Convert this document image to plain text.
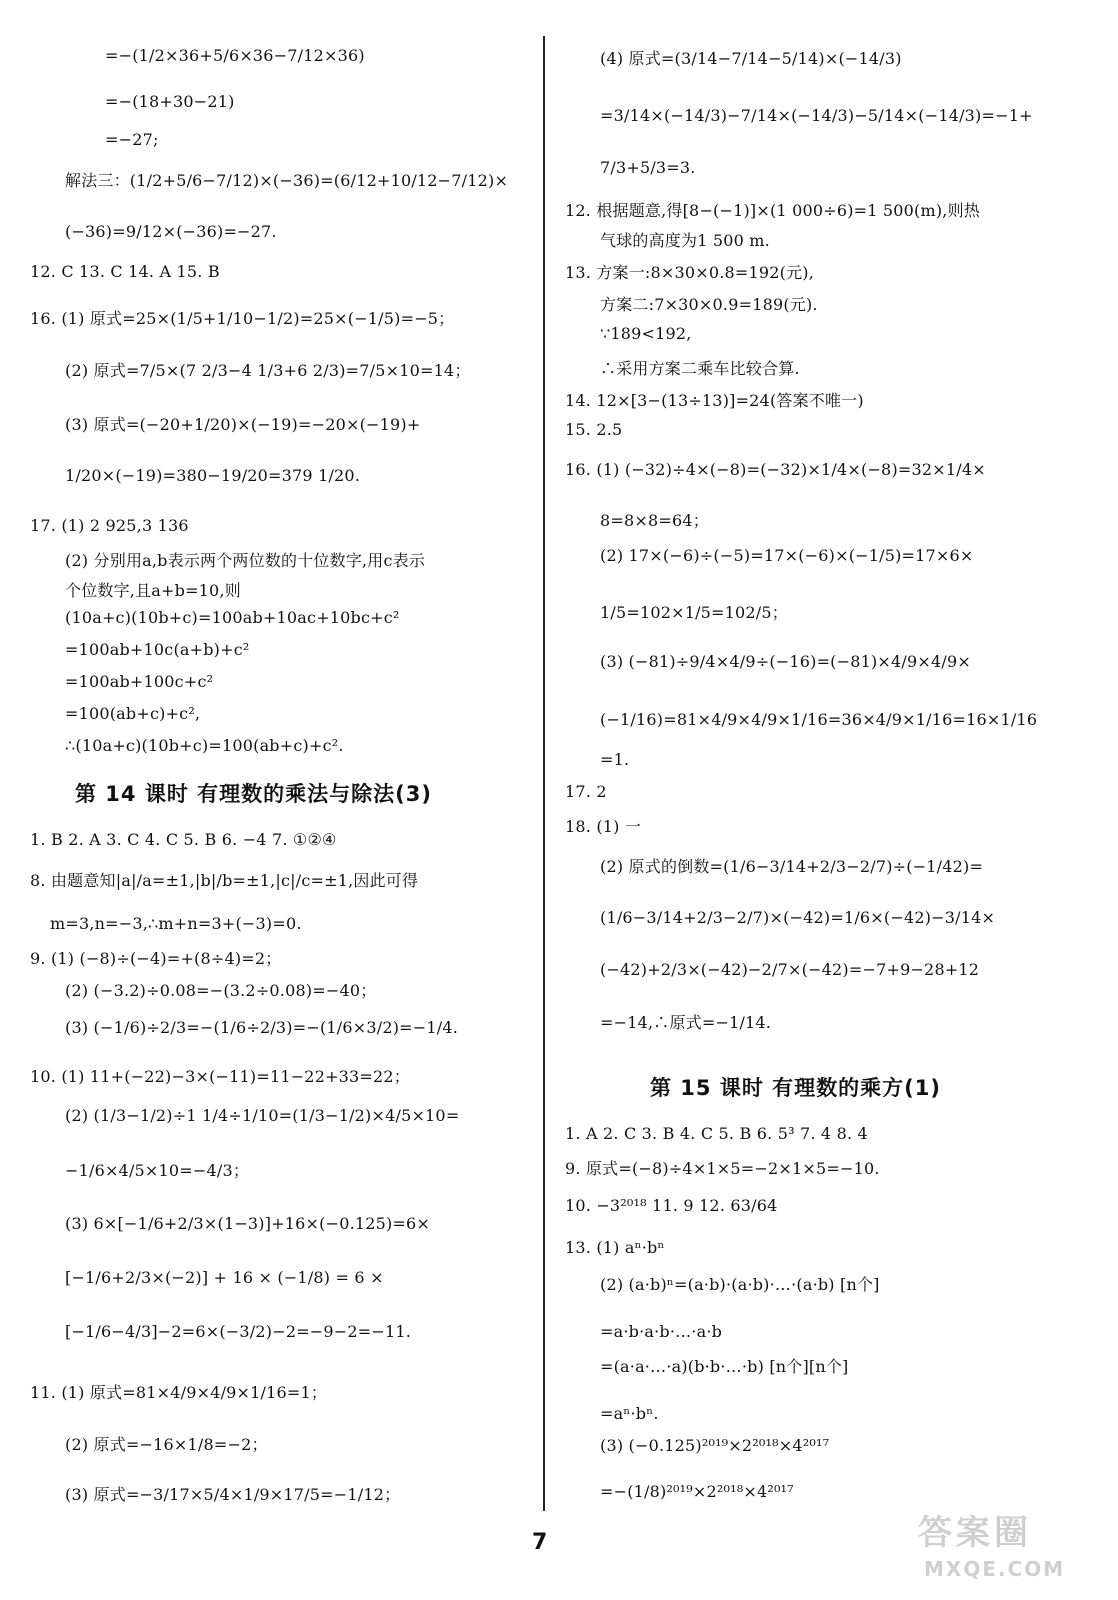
=−(1/2×36+5/6×36−7/12×36)
=−(18+30−21)
=−27;
解法三：(1/2+5/6−7/12)×(−36)=(6/12+10/12−7/12)×
(−36)=9/12×(−36)=−27.
12. C 13. C 14. A 15. B
16. (1) 原式=25×(1/5+1/10−1/2)=25×(−1/5)=−5；
(2) 原式=7/5×(7 2/3−4 1/3+6 2/3)=7/5×10=14；
(3) 原式=(−20+1/20)×(−19)=−20×(−19)+
1/20×(−19)=380−19/20=379 1/20.
17. (1) 2 925,3 136
(2) 分别用a,b表示两个两位数的十位数字,用c表示
个位数字,且a+b=10,则
(10a+c)(10b+c)=100ab+10ac+10bc+c²
=100ab+10c(a+b)+c²
=100ab+100c+c²
=100(ab+c)+c²,
∴(10a+c)(10b+c)=100(ab+c)+c².
第 14 课时 有理数的乘法与除法(3)
1. B 2. A 3. C 4. C 5. B 6. −4 7. ①②④
8. 由题意知|a|/a=±1,|b|/b=±1,|c|/c=±1,因此可得
m=3,n=−3,∴m+n=3+(−3)=0.
9. (1) (−8)÷(−4)=+(8÷4)=2；
(2) (−3.2)÷0.08=−(3.2÷0.08)=−40；
(3) (−1/6)÷2/3=−(1/6÷2/3)=−(1/6×3/2)=−1/4.
10. (1) 11+(−22)−3×(−11)=11−22+33=22；
(2) (1/3−1/2)÷1 1/4÷1/10=(1/3−1/2)×4/5×10=
−1/6×4/5×10=−4/3；
(3) 6×[−1/6+2/3×(1−3)]+16×(−0.125)=6×
[−1/6+2/3×(−2)] + 16 × (−1/8) = 6 ×
[−1/6−4/3]−2=6×(−3/2)−2=−9−2=−11.
11. (1) 原式=81×4/9×4/9×1/16=1；
(2) 原式=−16×1/8=−2；
(3) 原式=−3/17×5/4×1/9×17/5=−1/12；
(4) 原式=(3/14−7/14−5/14)×(−14/3)
=3/14×(−14/3)−7/14×(−14/3)−5/14×(−14/3)=−1+
7/3+5/3=3.
12. 根据题意,得[8−(−1)]×(1 000÷6)=1 500(m),则热
气球的高度为1 500 m.
13. 方案一:8×30×0.8=192(元),
方案二:7×30×0.9=189(元).
∵189<192,
∴采用方案二乘车比较合算.
14. 12×[3−(13÷13)]=24(答案不唯一)
15. 2.5
16. (1) (−32)÷4×(−8)=(−32)×1/4×(−8)=32×1/4×
8=8×8=64；
(2) 17×(−6)÷(−5)=17×(−6)×(−1/5)=17×6×
1/5=102×1/5=102/5；
(3) (−81)÷9/4×4/9÷(−16)=(−81)×4/9×4/9×
(−1/16)=81×4/9×4/9×1/16=36×4/9×1/16=16×1/16
=1.
17. 2
18. (1) 一
(2) 原式的倒数=(1/6−3/14+2/3−2/7)÷(−1/42)=
(1/6−3/14+2/3−2/7)×(−42)=1/6×(−42)−3/14×
(−42)+2/3×(−42)−2/7×(−42)=−7+9−28+12
=−14,∴原式=−1/14.
第 15 课时 有理数的乘方(1)
1. A 2. C 3. B 4. C 5. B 6. 5³ 7. 4 8. 4
9. 原式=(−8)÷4×1×5=−2×1×5=−10.
10. −3²⁰¹⁸ 11. 9 12. 63/64
13. (1) aⁿ·bⁿ
(2) (a·b)ⁿ=(a·b)·(a·b)·…·(a·b) [n个]
=a·b·a·b·…·a·b
=(a·a·…·a)(b·b·…·b) [n个][n个]
=aⁿ·bⁿ.
(3) (−0.125)²⁰¹⁹×2²⁰¹⁸×4²⁰¹⁷
=−(1/8)²⁰¹⁹×2²⁰¹⁸×4²⁰¹⁷
7	答案圈
MXQE.COM
